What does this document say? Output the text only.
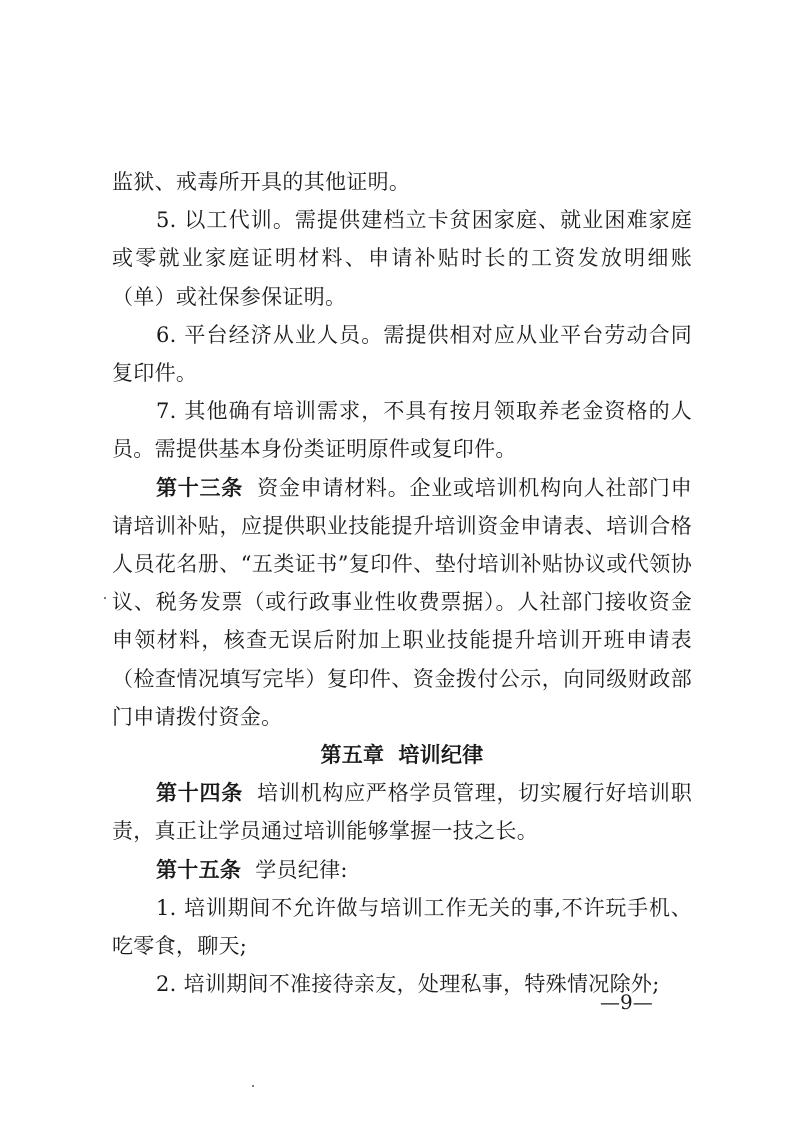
监狱、戒毒所开具的其他证明。

5. 以工代训。需提供建档立卡贫困家庭、就业困难家庭或零就业家庭证明材料、申请补贴时长的工资发放明细账（单）或社保参保证明。

6. 平台经济从业人员。需提供相对应从业平台劳动合同复印件。

7. 其他确有培训需求，不具有按月领取养老金资格的人员。需提供基本身份类证明原件或复印件。

第十三条 资金申请材料。企业或培训机构向人社部门申请培训补贴，应提供职业技能提升培训资金申请表、培训合格人员花名册、“五类证书”复印件、垫付培训补贴协议或代领协议、税务发票（或行政事业性收费票据）。人社部门接收资金申领材料，核查无误后附加上职业技能提升培训开班申请表（检查情况填写完毕）复印件、资金拨付公示，向同级财政部门申请拨付资金。

第五章 培训纪律

第十四条 培训机构应严格学员管理，切实履行好培训职责，真正让学员通过培训能够掌握一技之长。

第十五条 学员纪律:

1. 培训期间不允许做与培训工作无关的事,不许玩手机、吃零食，聊天;

2. 培训期间不准接待亲友，处理私事，特殊情况除外;

—9—
